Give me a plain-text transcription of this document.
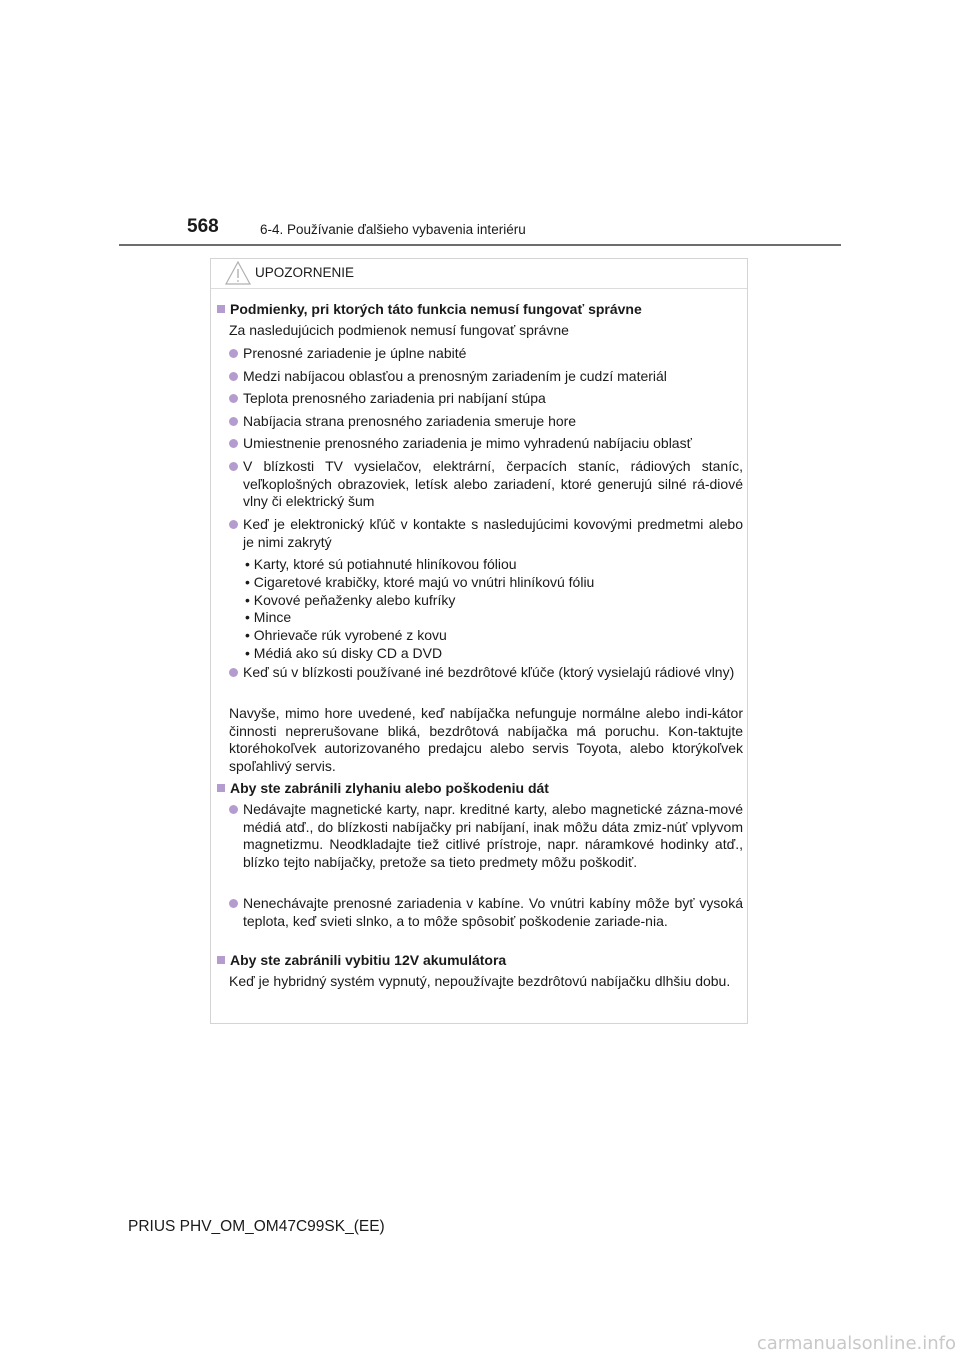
568	6-4. Používanie ďalšieho vybavenia interiéru
UPOZORNENIE
Podmienky, pri ktorých táto funkcia nemusí fungovať správne
Za nasledujúcich podmienok nemusí fungovať správne
Prenosné zariadenie je úplne nabité
Medzi nabíjacou oblasťou a prenosným zariadením je cudzí materiál
Teplota prenosného zariadenia pri nabíjaní stúpa
Nabíjacia strana prenosného zariadenia smeruje hore
Umiestnenie prenosného zariadenia je mimo vyhradenú nabíjaciu oblasť
V blízkosti TV vysielačov, elektrární, čerpacích staníc, rádiových staníc, veľkoplošných obrazoviek, letísk alebo zariadení, ktoré generujú silné rá-diové vlny či elektrický šum
Keď je elektronický kľúč v kontakte s nasledujúcimi kovovými predmetmi alebo je nimi zakrytý
• Karty, ktoré sú potiahnuté hliníkovou fóliou
• Cigaretové krabičky, ktoré majú vo vnútri hliníkovú fóliu
• Kovové peňaženky alebo kufríky
• Mince
• Ohrievače rúk vyrobené z kovu
• Médiá ako sú disky CD a DVD
Keď sú v blízkosti používané iné bezdrôtové kľúče (ktorý vysielajú rádiové vlny)
Navyše, mimo hore uvedené, keď nabíjačka nefunguje normálne alebo indi-kátor činnosti neprerušovane bliká, bezdrôtová nabíjačka má poruchu. Kon-taktujte ktoréhokoľvek autorizovaného predajcu alebo servis Toyota, alebo ktorýkoľvek spoľahlivý servis.
Aby ste zabránili zlyhaniu alebo poškodeniu dát
Nedávajte magnetické karty, napr. kreditné karty, alebo magnetické zázna-mové médiá atď., do blízkosti nabíjačky pri nabíjaní, inak môžu dáta zmiz-núť vplyvom magnetizmu. Neodkladajte tiež citlivé prístroje, napr. náramkové hodinky atď., blízko tejto nabíjačky, pretože sa tieto predmety môžu poškodiť.
Nenechávajte prenosné zariadenia v kabíne. Vo vnútri kabíny môže byť vysoká teplota, keď svieti slnko, a to môže spôsobiť poškodenie zariade-nia.
Aby ste zabránili vybitiu 12V akumulátora
Keď je hybridný systém vypnutý, nepoužívajte bezdrôtovú nabíjačku dlhšiu dobu.
PRIUS PHV_OM_OM47C99SK_(EE)
carmanualsonline.info
